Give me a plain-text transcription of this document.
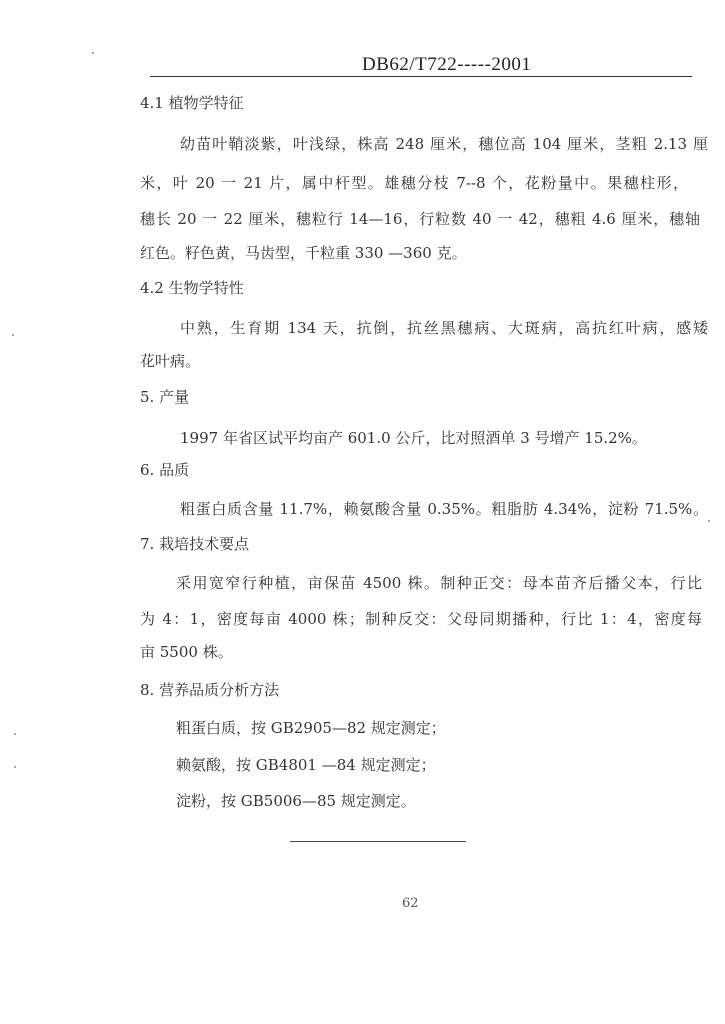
DB62/T722-----2001
4.1 植物学特征
幼苗叶鞘淡紫，叶浅绿，株高 248 厘米，穗位高 104 厘米，茎粗 2.13 厘
米，叶 20 一 21 片，属中杆型。雄穗分枝 7--8 个，花粉量中。果穗柱形，
穗长 20 一 22 厘米，穗粒行 14—16，行粒数 40 一 42，穗粗 4.6 厘米，穗轴
红色。籽色黄，马齿型，千粒重 330 —360 克。
4.2 生物学特性
中熟，生育期 134 天，抗倒，抗丝黑穗病、大斑病，高抗红叶病，感矮
花叶病。
5. 产量
1997 年省区试平均亩产 601.0 公斤，比对照酒单 3 号增产 15.2%。
6. 品质
粗蛋白质含量 11.7%，赖氨酸含量 0.35%。粗脂肪 4.34%，淀粉 71.5%。
7. 栽培技术要点
采用宽窄行种植，亩保苗 4500 株。制种正交：母本苗齐后播父本，行比
为 4：1，密度每亩 4000 株；制种反交：父母同期播种，行比 1：4，密度每
亩 5500 株。
8. 营养品质分析方法
粗蛋白质，按 GB2905—82 规定测定；
赖氨酸，按 GB4801 —84 规定测定；
淀粉，按 GB5006—85 规定测定。
62
